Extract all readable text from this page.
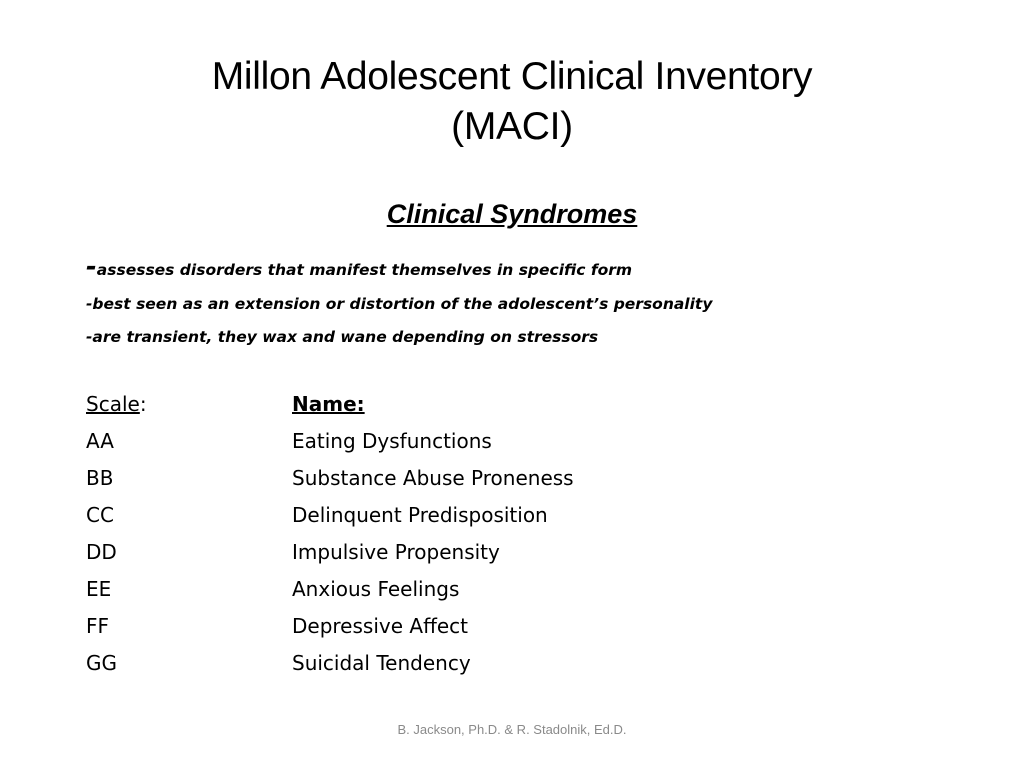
Millon Adolescent Clinical Inventory
(MACI)
Clinical Syndromes
-assesses disorders that manifest themselves in specific form
-best seen as an extension or distortion of the adolescent’s personality
-are transient, they wax and wane depending on stressors
Scale:	Name:
AA	Eating Dysfunctions
BB	Substance Abuse Proneness
CC	Delinquent Predisposition
DD	Impulsive Propensity
EE	Anxious Feelings
FF	Depressive Affect
GG	Suicidal Tendency
B. Jackson, Ph.D. & R. Stadolnik, Ed.D.
